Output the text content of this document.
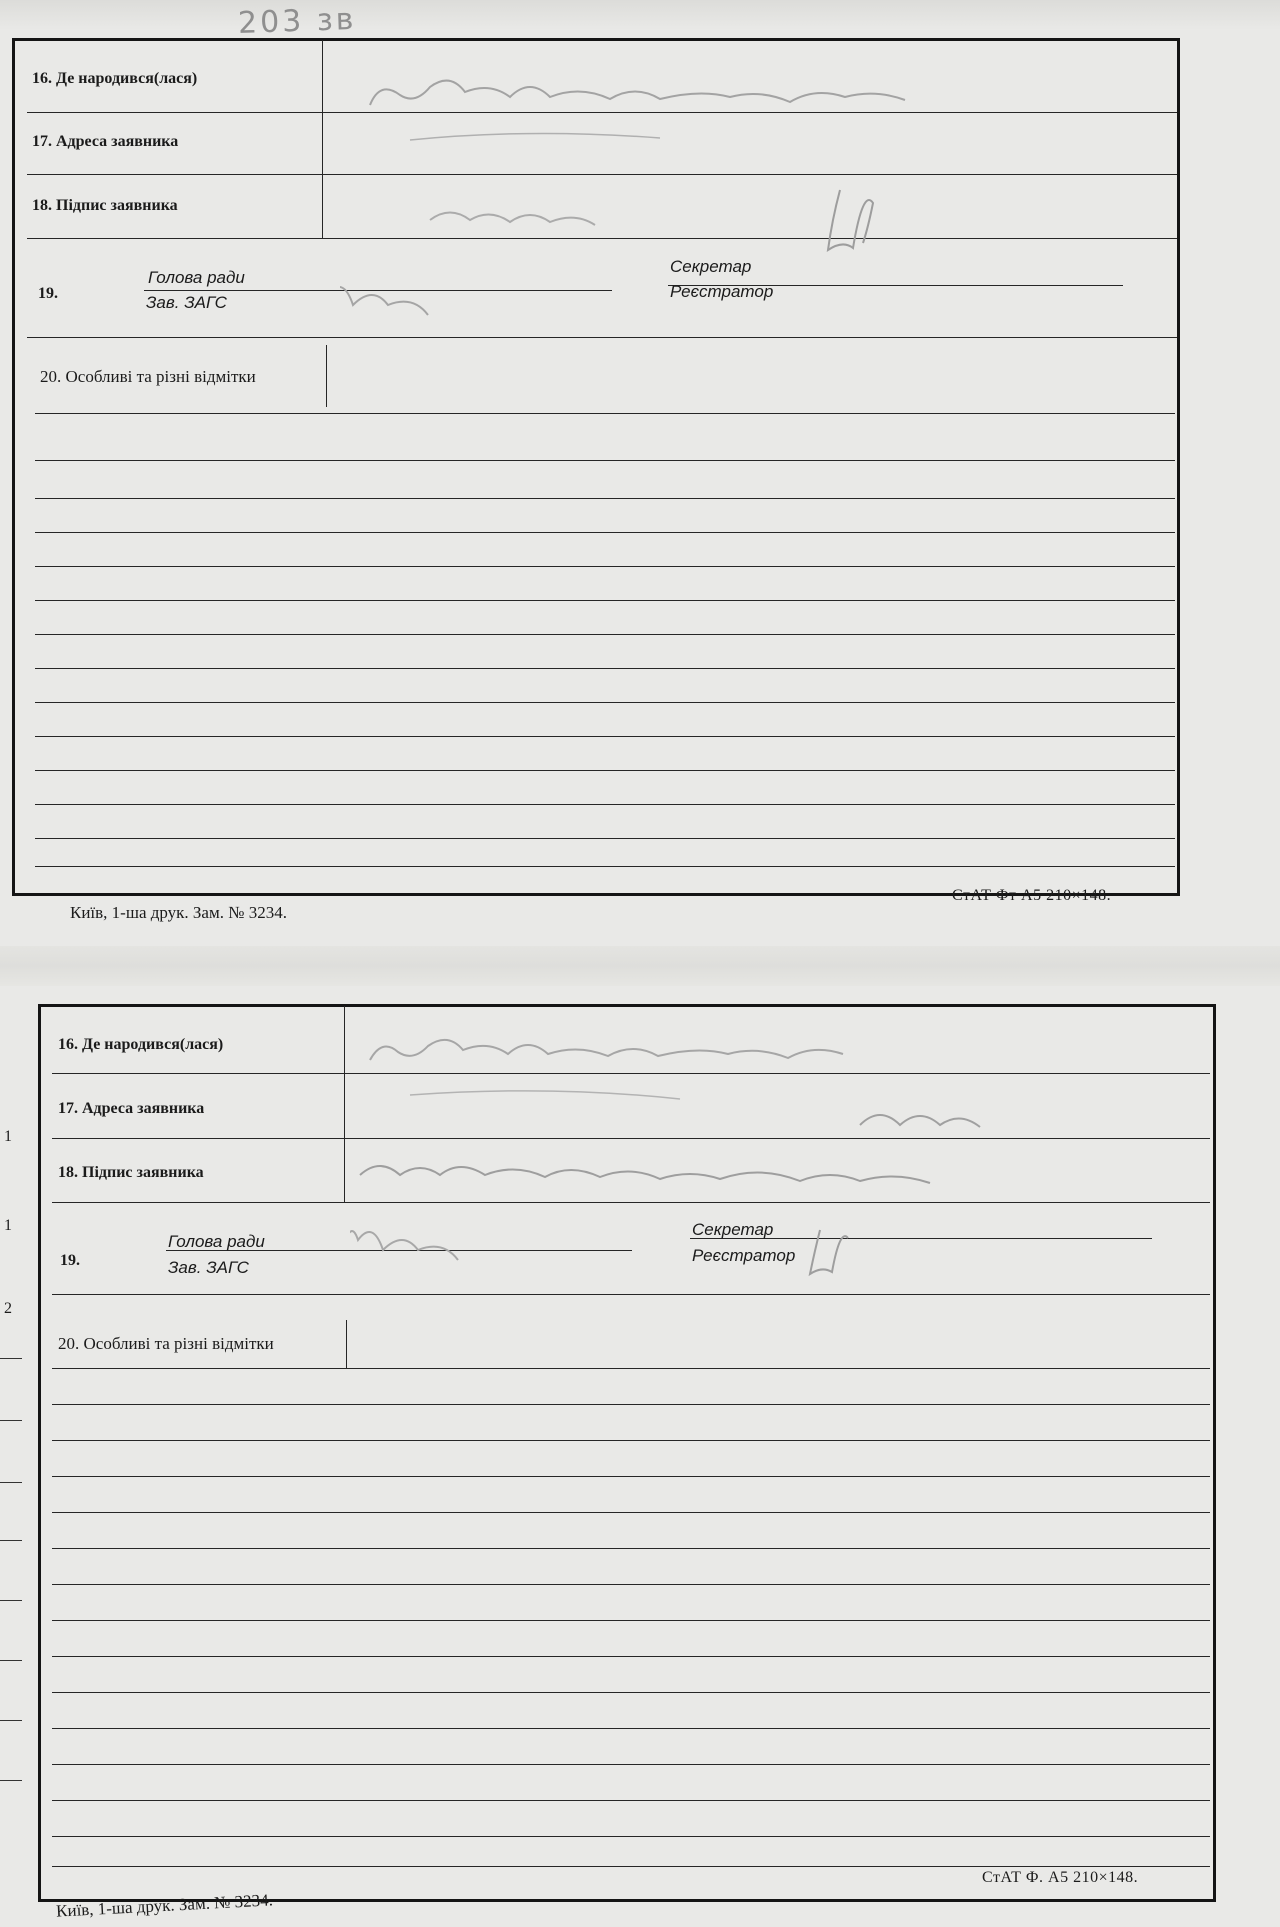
203 зв
16. Де народився(лася)
17. Адреса заявника
18. Підпис заявника
19.
Голова ради
Зав. ЗАГС
Секретар
Реєстратор
20. Особливі та різні відмітки
Київ, 1-ша друк. Зам. № 3234.
СтАТ Фт А5 210×148.
1
1
2
16. Де народився(лася)
17. Адреса заявника
18. Підпис заявника
19.
Голова ради
Зав. ЗАГС
Секретар
Реєстратор
20. Особливі та різні відмітки
Київ, 1-ша друк. Зам. № 3234.
СтАТ Ф. А5 210×148.
